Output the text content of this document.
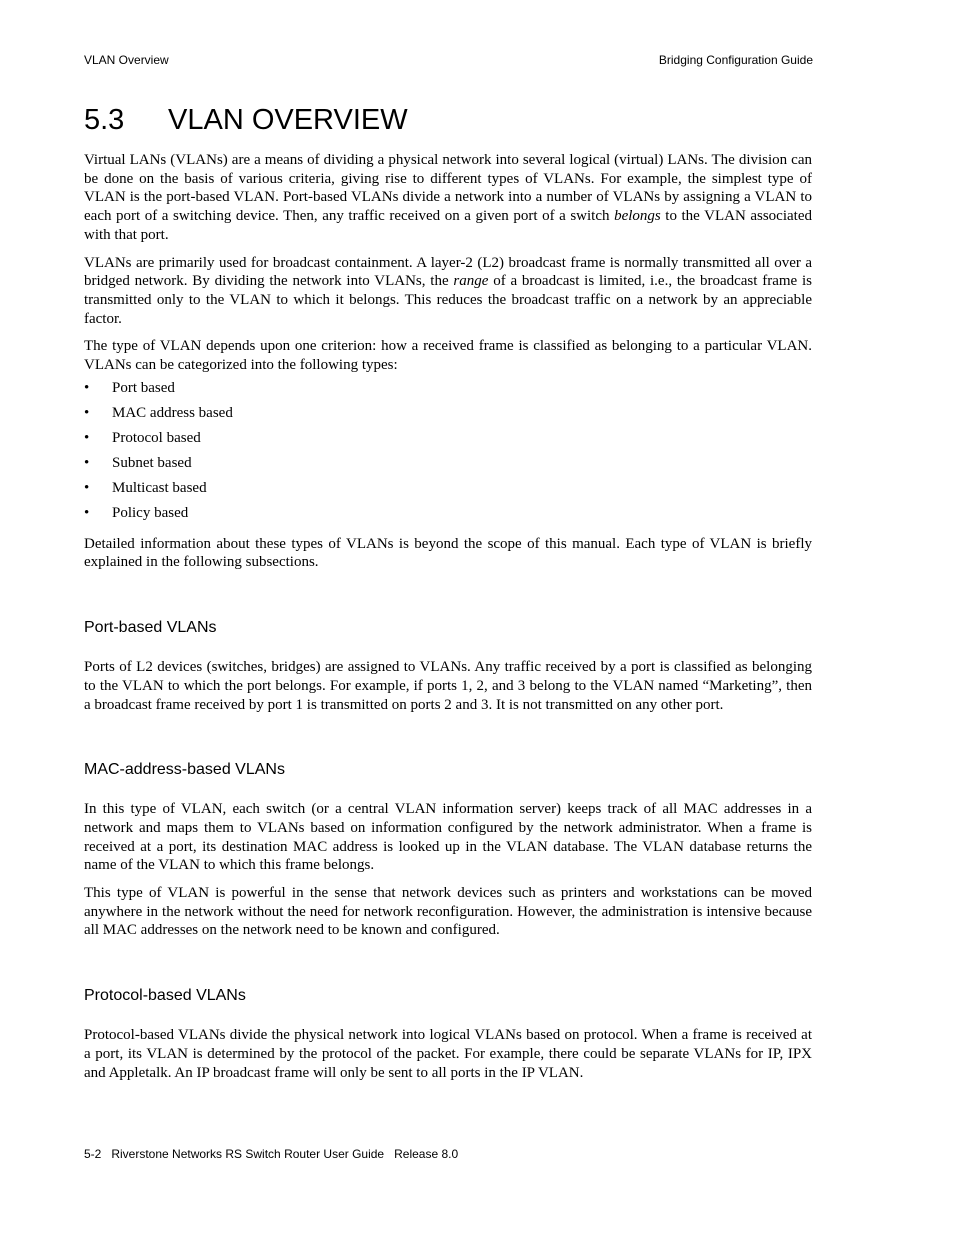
VLAN Overview	Bridging Configuration Guide
5.3	VLAN OVERVIEW

Virtual LANs (VLANs) are a means of dividing a physical network into several logical (virtual) LANs. The division can be done on the basis of various criteria, giving rise to different types of VLANs. For example, the simplest type of VLAN is the port-based VLAN. Port-based VLANs divide a network into a number of VLANs by assigning a VLAN to each port of a switching device. Then, any traffic received on a given port of a switch belongs to the VLAN associated with that port.

VLANs are primarily used for broadcast containment. A layer-2 (L2) broadcast frame is normally transmitted all over a bridged network. By dividing the network into VLANs, the range of a broadcast is limited, i.e., the broadcast frame is transmitted only to the VLAN to which it belongs. This reduces the broadcast traffic on a network by an appreciable factor.

The type of VLAN depends upon one criterion: how a received frame is classified as belonging to a particular VLAN. VLANs can be categorized into the following types:

• Port based
• MAC address based
• Protocol based
• Subnet based
• Multicast based
• Policy based

Detailed information about these types of VLANs is beyond the scope of this manual. Each type of VLAN is briefly explained in the following subsections.

Port-based VLANs

Ports of L2 devices (switches, bridges) are assigned to VLANs. Any traffic received by a port is classified as belonging to the VLAN to which the port belongs. For example, if ports 1, 2, and 3 belong to the VLAN named “Marketing”, then a broadcast frame received by port 1 is transmitted on ports 2 and 3. It is not transmitted on any other port.

MAC-address-based VLANs

In this type of VLAN, each switch (or a central VLAN information server) keeps track of all MAC addresses in a network and maps them to VLANs based on information configured by the network administrator. When a frame is received at a port, its destination MAC address is looked up in the VLAN database. The VLAN database returns the name of the VLAN to which this frame belongs.

This type of VLAN is powerful in the sense that network devices such as printers and workstations can be moved anywhere in the network without the need for network reconfiguration. However, the administration is intensive because all MAC addresses on the network need to be known and configured.

Protocol-based VLANs

Protocol-based VLANs divide the physical network into logical VLANs based on protocol. When a frame is received at a port, its VLAN is determined by the protocol of the packet. For example, there could be separate VLANs for IP, IPX and Appletalk. An IP broadcast frame will only be sent to all ports in the IP VLAN.

5-2   Riverstone Networks RS Switch Router User Guide   Release 8.0
